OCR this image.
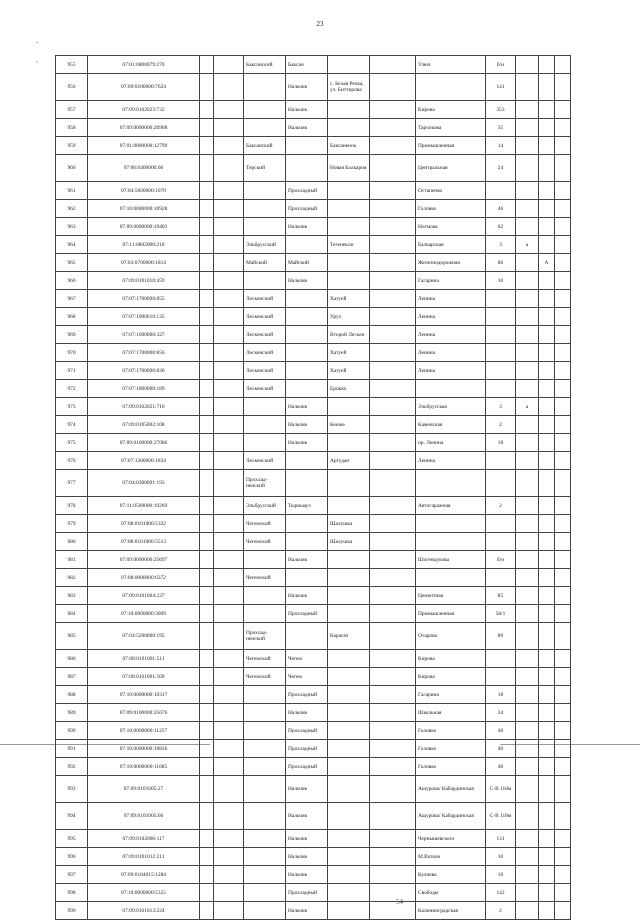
23
-
,
955	07:01:0800079:270			Баксанский	Баксан			Улюч	б/н			
956	07:09:0100000:7624				Нальчик	с. Белая Речка, ул. Биттирова			141			
957	07:09:0102023:732				Нальчик			Кирова	353			
958	07:09:0000000:20908				Нальчик			Тарчокова	35			
959	07:01:0800000:12799			Баксанский		Баксаненок		Промышленная	14			
960	07:06:0400000:60			Терский		Новая Балкария		Центральная	24			
961	07:04:5600000:1070				Прохладный			Остапенко				

962	07:10:0000000:10928				Прохладный			Головко	46			
963	07:09:0000000:19403				Нальчик			Ногмова	62			
964	07:11:0802000:218			Эльбрусский		Тегенекли		Балкарская	3	а		
965	07:03:0700000:1814			Майский	Майский			Железнодорожная	86		А	
966	07:09:0101010:459				Нальчик			Гагарина	10			
967	07:07:1700000:855			Лескенский		Хатуей		Ленина				

968	07:07:1900010:135			Лескенский		Урух		Ленина				

969	07:07:1600000:327			Лескенский		Второй Лескен		Ленина				

970	07:07:1700000:856			Лескенский		Хатуей		Ленина				

971	07:07:1700000:836			Лескенский		Хатуей		Ленина				

972	07:07:1800000:189			Лескенский		Ерокко						

973	07:09:0102021:710				Нальчик			Эльбрусская	3	а		
974	07:09:0105002:108				Нальчик	Кенже		Каменская	2			
975	07:09:0100000:27086				Нальчик			пр. Ленина	18			
976	07:07:1200000:1834			Лескенский		Аргудан		Ленина				

977	07:04:0300001:193			Прохлад-ненский								

978	07:11:0500000:19269			Эльбрусский	Тырныауз			Автогаражная	2			
979	07:08:0101000:5322			Чегемский		Шалушка						

980	07:08:0101000:5513			Чегемский		Шалушка						

981	07:09:0000000:25697				Нальчик			Шогенцукова	б/н			
982	07:08:0000000:6372			Чегемский								

983	07:09:0101004:237				Нальчик			Цементная	85			
984	07:10:0000000:3009				Прохладный			Промышленная	58/1			
985	07:04:5200000:195			Прохлад-ненский		Карагач		Отарова	80			
986	07:08:0101001:511			Чегемский	Чегем			Кирова				

987	07:08:0101001:509			Чегемский	Чегем			Кирова				

988	07:10:0000000:10317				Прохладный			Гагарина	18			
989	07:09:0100000:25676				Нальчик			Школьная	34			
990	07:10:0000000:11257				Прохладный			Головко	40			
991	07:10:0000000:10836				Прохладный			Головко	40			
992	07:10:0000000:11685				Прохладный			Головко	40			
993	07:09:0101005:27				Нальчик			Ашурова/ Кабардинская	С-В 118м			
994	07:09:0101005:66				Нальчик			Ашурова/ Кабардинская	С-В 118м			
995	07:09:0102066:117				Нальчик			Чернышевского	131			
996	07:09:0101012:211				Нальчик			М.Ватков	10			
997	07:09:0104015:1284				Нальчик			Кулиева	10			
998	07:10:0000000:5325				Прохладный			Свободы	142			
999	07:09:0101013:224				Нальчик			Калининградская	2			
54
